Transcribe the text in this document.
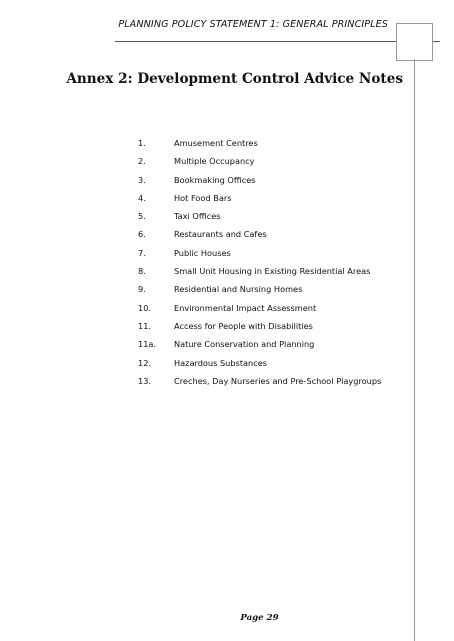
PLANNING POLICY STATEMENT 1: GENERAL PRINCIPLES
Annex 2: Development Control Advice Notes
1.	Amusement Centres
2.	Multiple Occupancy
3.	Bookmaking Offices
4.	Hot Food Bars
5.	Taxi Offices
6.	Restaurants and Cafes
7.	Public Houses
8.	Small Unit Housing in Existing Residential Areas
9.	Residential and Nursing Homes
10.	Environmental Impact Assessment
11.	Access for People with Disabilities
11a.	Nature Conservation and Planning
12.	Hazardous Substances
13.	Creches, Day Nurseries and Pre-School Playgroups
Page 29
